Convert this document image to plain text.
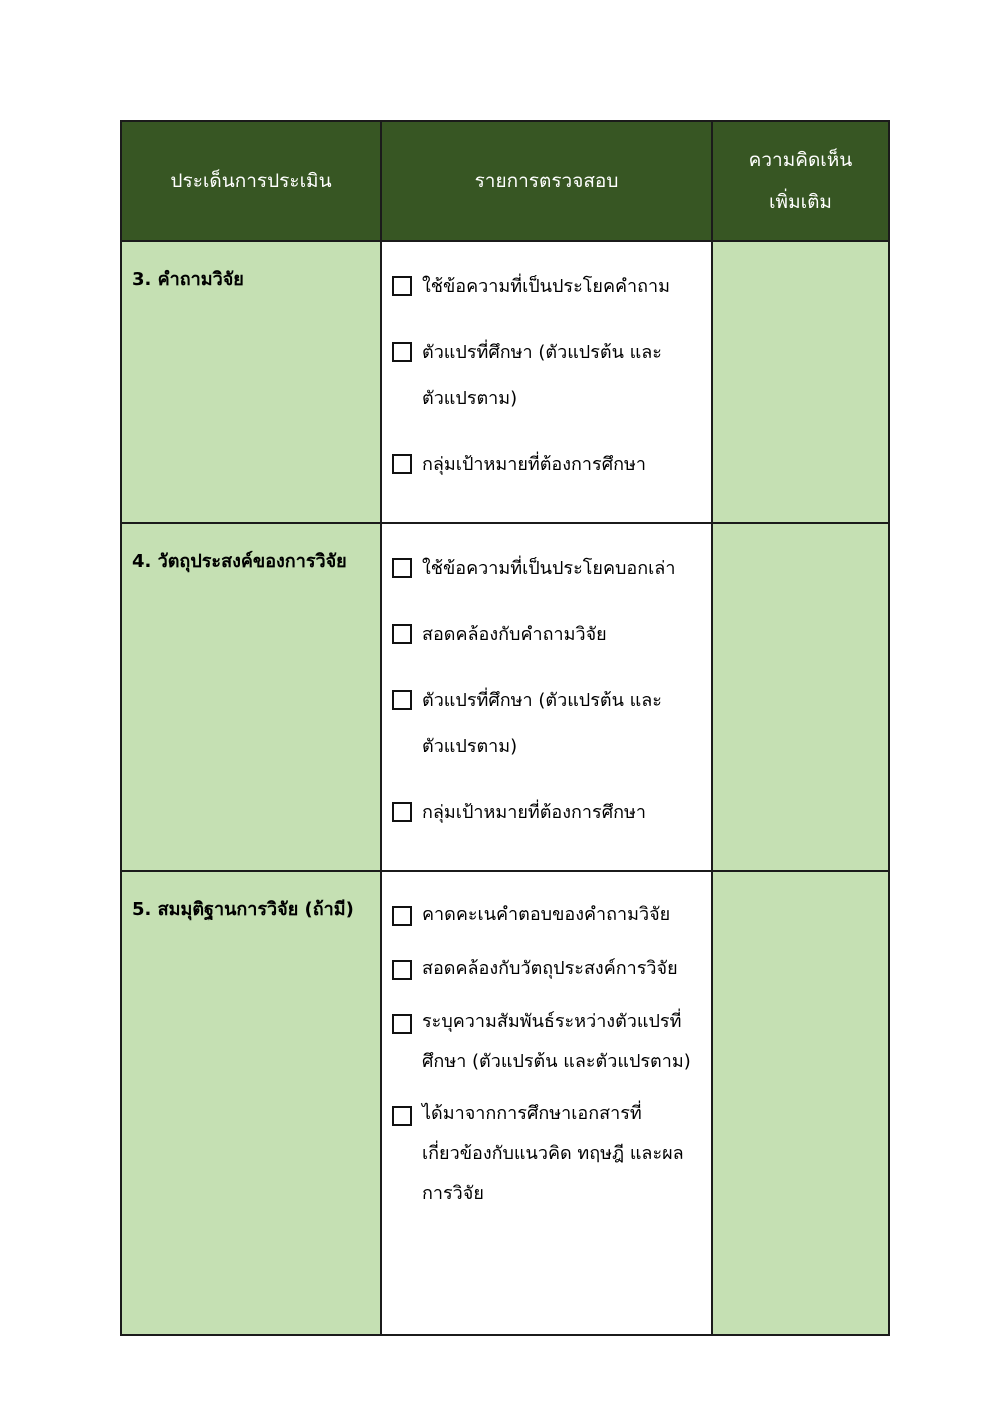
ประเด็นการประเมิน	รายการตรวจสอบ	ความคิดเห็น
เพิ่มเติม

3. คำถามวิจัย	ใช้ข้อความที่เป็นประโยคคำถาม
ตัวแปรที่ศึกษา (ตัวแปรต้น และตัวแปรตาม)
กลุ่มเป้าหมายที่ต้องการศึกษา	

4. วัตถุประสงค์ของการวิจัย	ใช้ข้อความที่เป็นประโยคบอกเล่า
สอดคล้องกับคำถามวิจัย
ตัวแปรที่ศึกษา (ตัวแปรต้น และตัวแปรตาม)
กลุ่มเป้าหมายที่ต้องการศึกษา	

5. สมมุติฐานการวิจัย (ถ้ามี)	คาดคะเนคำตอบของคำถามวิจัย
สอดคล้องกับวัตถุประสงค์การวิจัย
ระบุความสัมพันธ์ระหว่างตัวแปรที่ศึกษา (ตัวแปรต้น และตัวแปรตาม)
ได้มาจากการศึกษาเอกสารที่เกี่ยวข้องกับแนวคิด ทฤษฎี และผลการวิจัย	
